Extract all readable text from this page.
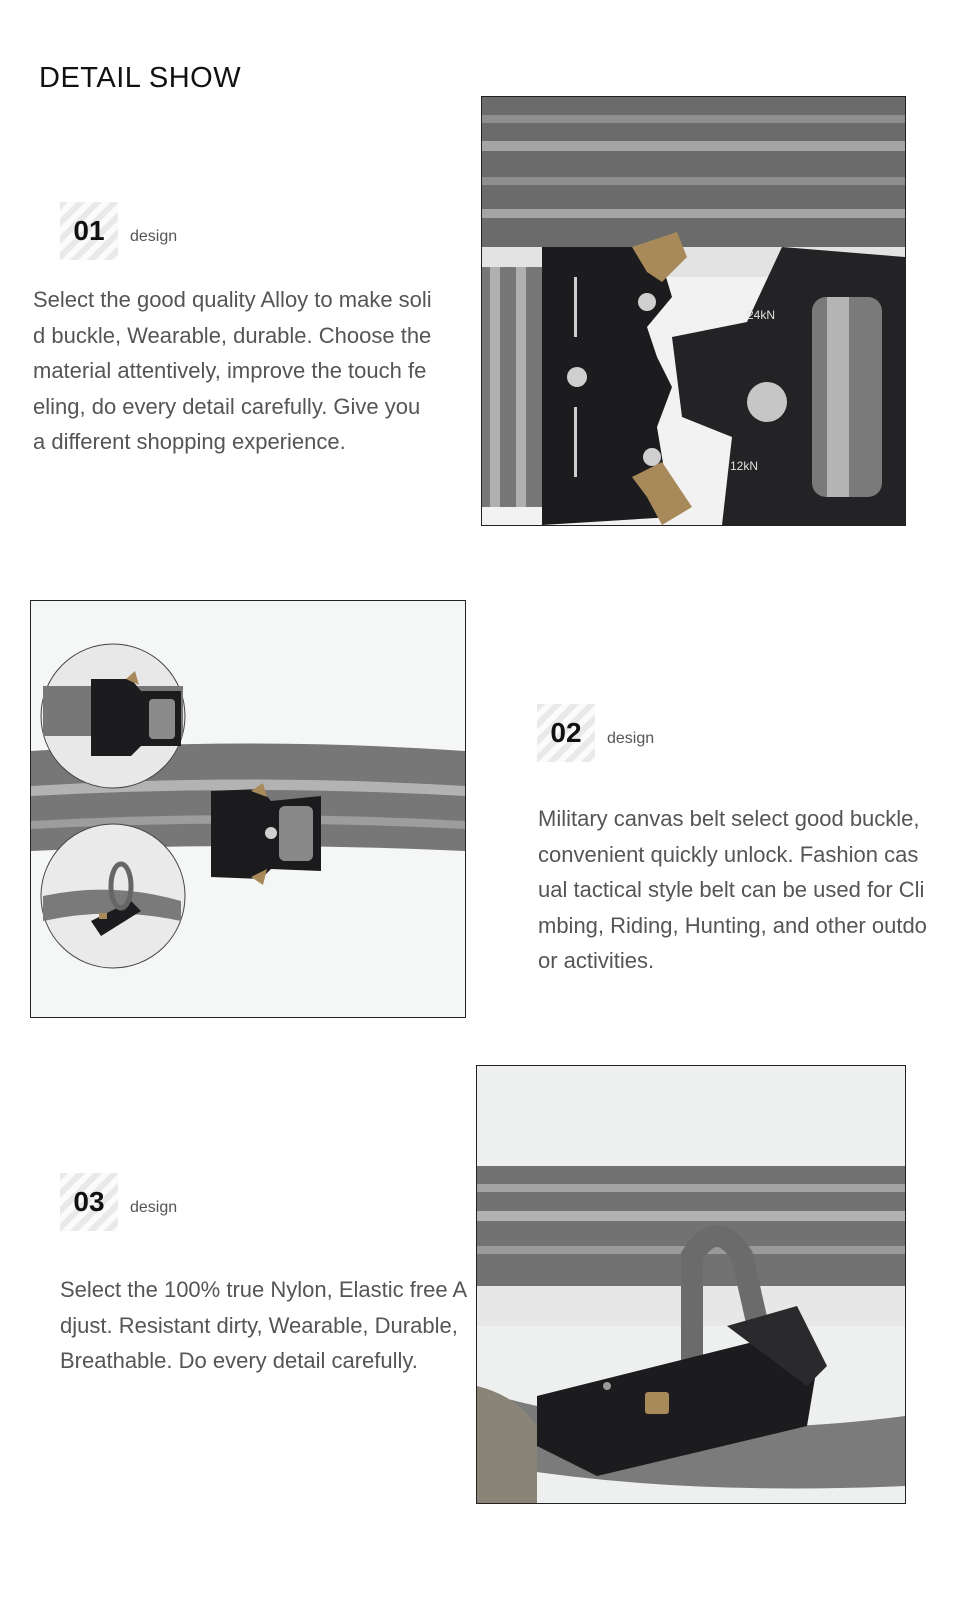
DETAIL SHOW
01	design

Select the good quality Alloy to make solid buckle, Wearable, durable. Choose the material attentively, improve the touch feeling, do every detail carefully. Give you a different shopping experience.

24kN
12kN
02	design

Military canvas belt select good buckle, convenient quickly unlock. Fashion casual tactical style belt can be used for Climbing, Riding, Hunting, and other outdoor activities.

03	design

Select the 100% true Nylon, Elastic free Adjust. Resistant dirty, Wearable, Durable, Breathable. Do every detail carefully.
